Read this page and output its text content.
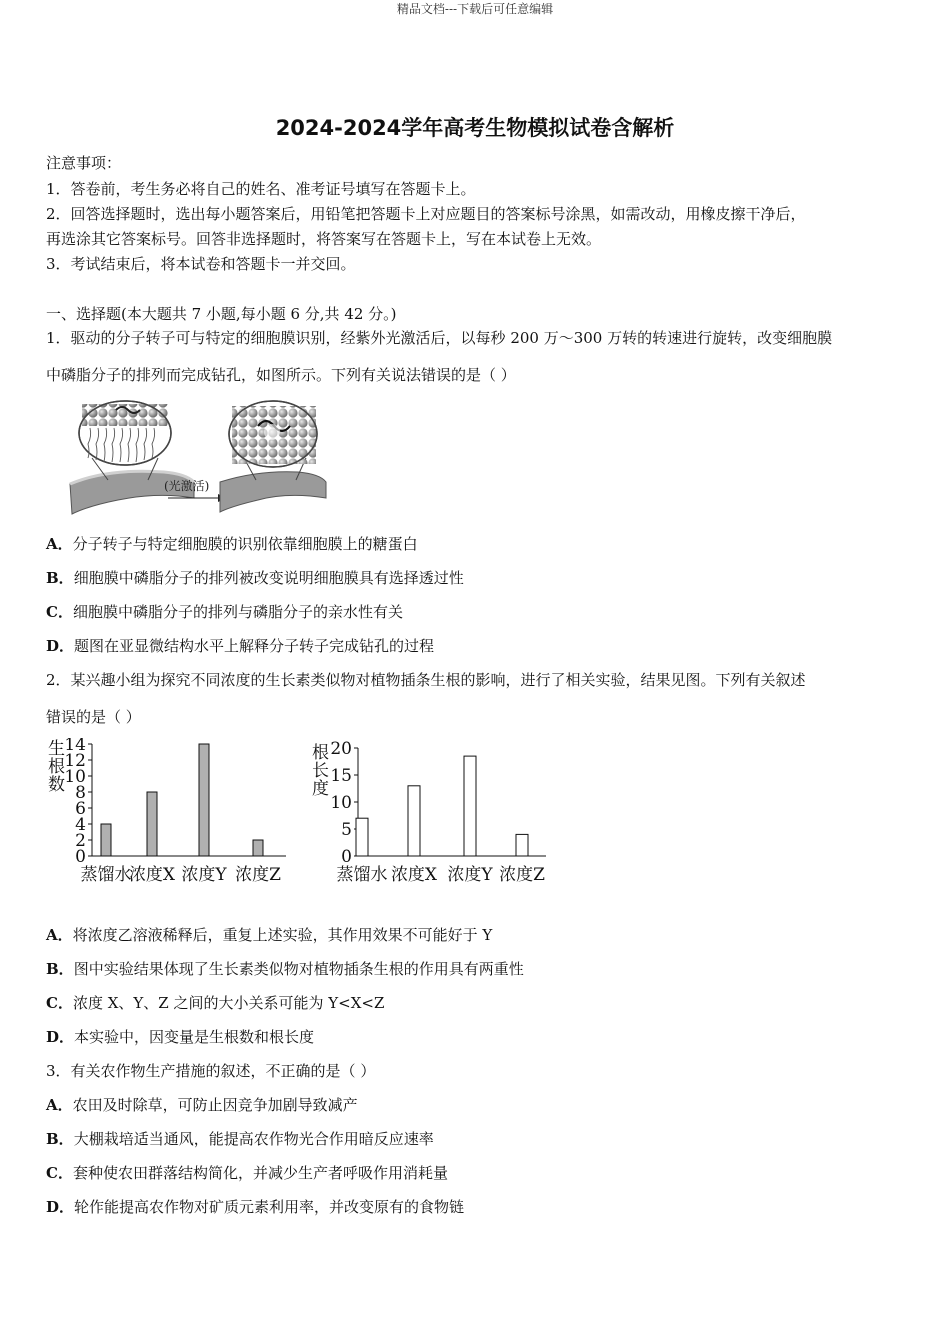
精品文档---下载后可任意编辑
2024-2024学年高考生物模拟试卷含解析
注意事项：
1．答卷前，考生务必将自己的姓名、准考证号填写在答题卡上。
2．回答选择题时，选出每小题答案后，用铅笔把答题卡上对应题目的答案标号涂黑，如需改动，用橡皮擦干净后，
再选涂其它答案标号。回答非选择题时，将答案写在答题卡上，写在本试卷上无效。
3．考试结束后，将本试卷和答题卡一并交回。
一、选择题(本大题共 7 小题,每小题 6 分,共 42 分。)
1．驱动的分子转子可与特定的细胞膜识别，经紫外光激活后，以每秒 200 万～300 万转的转速进行旋转，改变细胞膜
中磷脂分子的排列而完成钻孔，如图所示。下列有关说法错误的是（ ）
(光激活)
A．分子转子与特定细胞膜的识别依靠细胞膜上的糖蛋白
B．细胞膜中磷脂分子的排列被改变说明细胞膜具有选择透过性
C．细胞膜中磷脂分子的排列与磷脂分子的亲水性有关
D．题图在亚显微结构水平上解释分子转子完成钻孔的过程
2．某兴趣小组为探究不同浓度的生长素类似物对植物插条生根的影响，进行了相关实验，结果见图。下列有关叙述
错误的是（ ）
生根数
0
2
4
6
8
10
12
14
蒸馏水
浓度X 浓度Y 浓度Z
根长度
0
5
10
15
20
蒸馏水 浓度X 浓度Y 浓度Z
A．将浓度乙溶液稀释后，重复上述实验，其作用效果不可能好于 Y
B．图中实验结果体现了生长素类似物对植物插条生根的作用具有两重性
C．浓度 X、Y、Z 之间的大小关系可能为 Y<X<Z
D．本实验中，因变量是生根数和根长度
3．有关农作物生产措施的叙述，不正确的是（ ）
A．农田及时除草，可防止因竞争加剧导致减产
B．大棚栽培适当通风，能提高农作物光合作用暗反应速率
C．套种使农田群落结构简化，并减少生产者呼吸作用消耗量
D．轮作能提高农作物对矿质元素利用率，并改变原有的食物链
